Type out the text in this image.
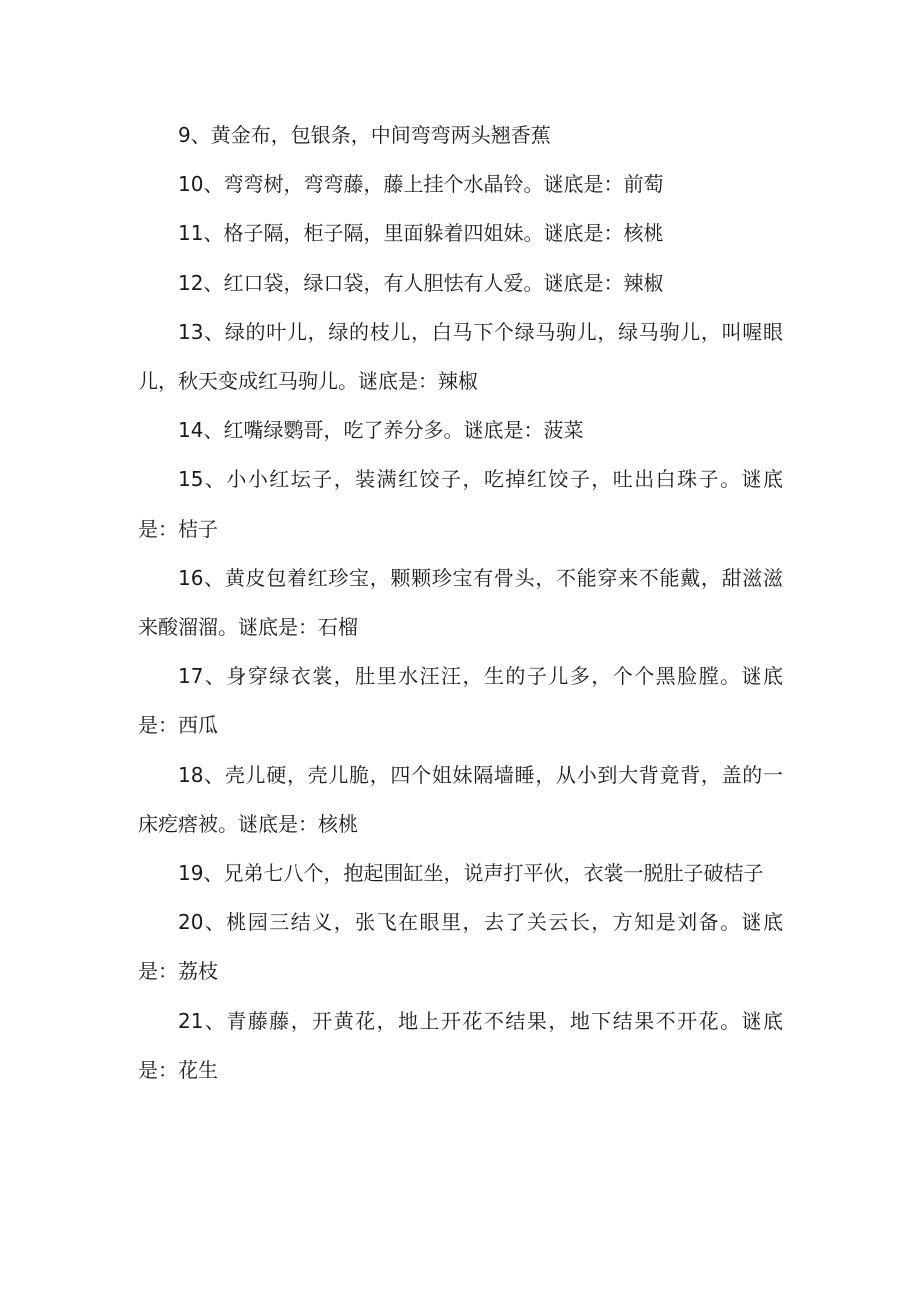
9、黄金布，包银条，中间弯弯两头翘香蕉

10、弯弯树，弯弯藤，藤上挂个水晶铃。谜底是：前萄

11、格子隔，柜子隔，里面躲着四姐妹。谜底是：核桃

12、红口袋，绿口袋，有人胆怯有人爱。谜底是：辣椒

13、绿的叶儿，绿的枝儿，白马下个绿马驹儿，绿马驹儿，叫喔眼儿，秋天变成红马驹儿。谜底是：辣椒

14、红嘴绿鹦哥，吃了养分多。谜底是：菠菜

15、小小红坛子，装满红饺子，吃掉红饺子，吐出白珠子。谜底是：桔子

16、黄皮包着红珍宝，颗颗珍宝有骨头，不能穿来不能戴，甜滋滋来酸溜溜。谜底是：石榴

17、身穿绿衣裳，肚里水汪汪，生的子儿多，个个黑脸膛。谜底是：西瓜

18、壳儿硬，壳儿脆，四个姐妹隔墙睡，从小到大背竟背，盖的一床疙瘩被。谜底是：核桃

19、兄弟七八个，抱起围缸坐，说声打平伙，衣裳一脱肚子破桔子

20、桃园三结义，张飞在眼里，去了关云长，方知是刘备。谜底是：荔枝

21、青藤藤，开黄花，地上开花不结果，地下结果不开花。谜底是：花生
